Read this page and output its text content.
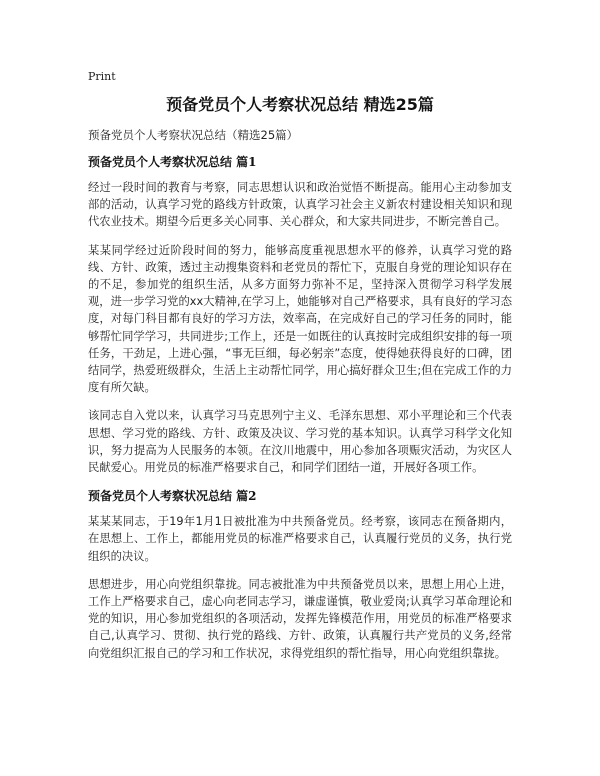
Print
预备党员个人考察状况总结 精选25篇
预备党员个人考察状况总结（精选25篇）
预备党员个人考察状况总结 篇1

经过一段时间的教育与考察，同志思想认识和政治觉悟不断提高。能用心主动参加支部的活动，认真学习党的路线方针政策，认真学习社会主义新农村建设相关知识和现代农业技术。期望今后更多关心同事、关心群众，和大家共同进步，不断完善自己。

某某同学经过近阶段时间的努力，能够高度重视思想水平的修养，认真学习党的路线、方针、政策，透过主动搜集资料和老党员的帮忙下，克服自身党的理论知识存在的不足，参加党的组织生活，从多方面努力弥补不足，坚持深入贯彻学习科学发展观，进一步学习党的xx大精神,在学习上，她能够对自己严格要求，具有良好的学习态度，对每门科目都有良好的学习方法，效率高，在完成好自己的学习任务的同时，能够帮忙同学学习，共同进步;工作上，还是一如既往的认真按时完成组织安排的每一项任务，干劲足，上进心强，“事无巨细，每必躬亲”态度，使得她获得良好的口碑，团结同学，热爱班级群众，生活上主动帮忙同学，用心搞好群众卫生;但在完成工作的力度有所欠缺。

该同志自入党以来，认真学习马克思列宁主义、毛泽东思想、邓小平理论和三个代表思想、学习党的路线、方针、政策及决议、学习党的基本知识。认真学习科学文化知识，努力提高为人民服务的本领。在汶川地震中，用心参加各项赈灾活动，为灾区人民献爱心。用党员的标准严格要求自己，和同学们团结一道，开展好各项工作。

预备党员个人考察状况总结 篇2

某某某同志，于19年1月1日被批准为中共预备党员。经考察，该同志在预备期内，在思想上、工作上，都能用党员的标准严格要求自己，认真履行党员的义务，执行党组织的决议。

思想进步，用心向党组织靠拢。同志被批准为中共预备党员以来，思想上用心上进，工作上严格要求自己，虚心向老同志学习，谦虚谨慎，敬业爱岗;认真学习革命理论和党的知识，用心参加党组织的各项活动，发挥先锋模范作用，用党员的标准严格要求自己,认真学习、贯彻、执行党的路线、方针、政策，认真履行共产党员的义务,经常向党组织汇报自己的学习和工作状况，求得党组织的帮忙指导，用心向党组织靠拢。
